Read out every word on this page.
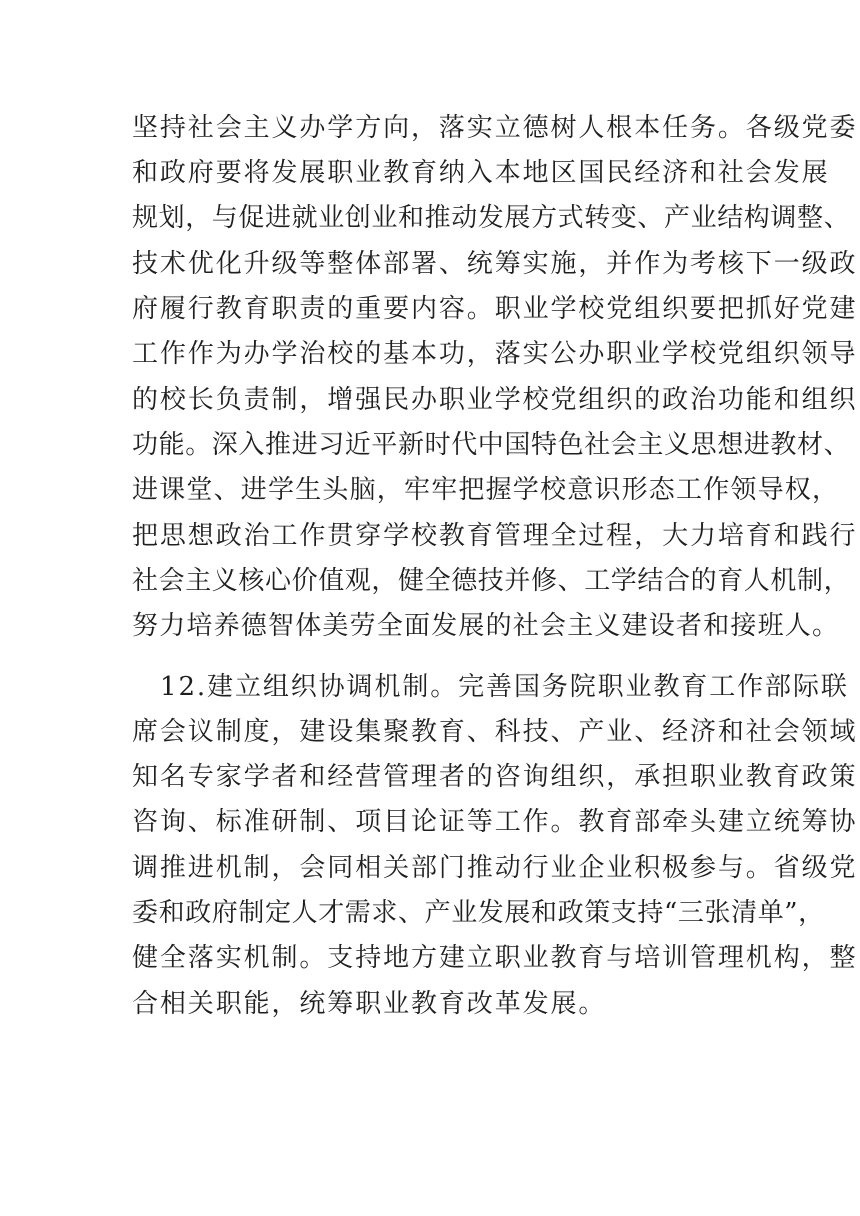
坚持社会主义办学方向，落实立德树人根本任务。各级党委

和政府要将发展职业教育纳入本地区国民经济和社会发展

规划，与促进就业创业和推动发展方式转变、产业结构调整、

技术优化升级等整体部署、统筹实施，并作为考核下一级政

府履行教育职责的重要内容。职业学校党组织要把抓好党建

工作作为办学治校的基本功，落实公办职业学校党组织领导

的校长负责制，增强民办职业学校党组织的政治功能和组织

功能。深入推进习近平新时代中国特色社会主义思想进教材、

进课堂、进学生头脑，牢牢把握学校意识形态工作领导权，

把思想政治工作贯穿学校教育管理全过程，大力培育和践行

社会主义核心价值观，健全德技并修、工学结合的育人机制，

努力培养德智体美劳全面发展的社会主义建设者和接班人。

12.建立组织协调机制。完善国务院职业教育工作部际联

席会议制度，建设集聚教育、科技、产业、经济和社会领域

知名专家学者和经营管理者的咨询组织，承担职业教育政策

咨询、标准研制、项目论证等工作。教育部牵头建立统筹协

调推进机制，会同相关部门推动行业企业积极参与。省级党

委和政府制定人才需求、产业发展和政策支持“三张清单”，

健全落实机制。支持地方建立职业教育与培训管理机构，整

合相关职能，统筹职业教育改革发展。
